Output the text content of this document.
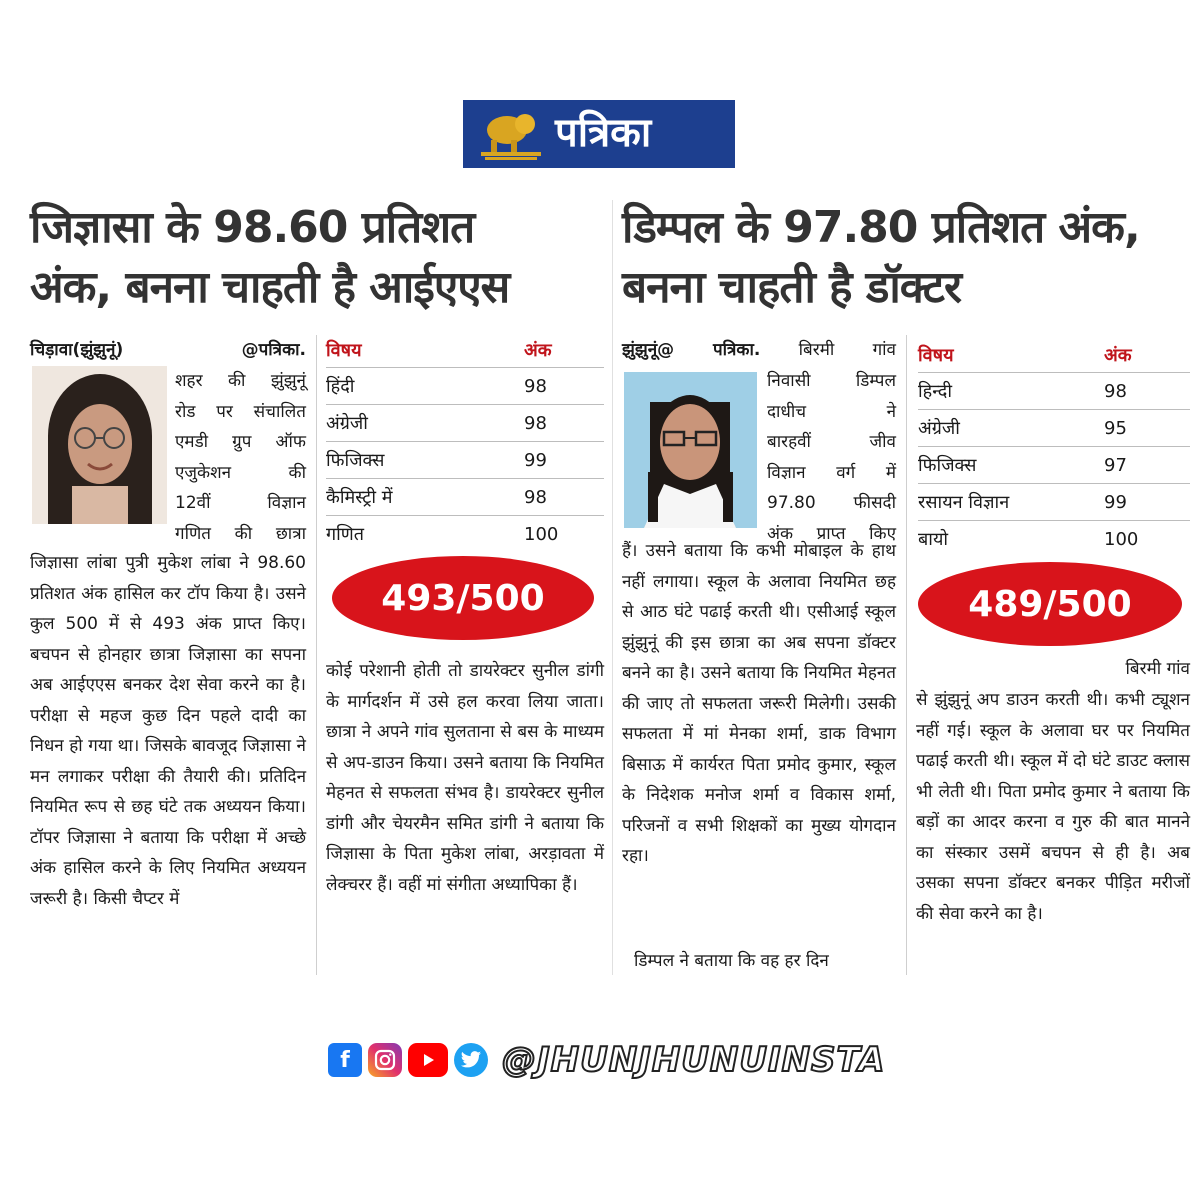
पत्रिका
जिज्ञासा के 98.60 प्रतिशत
अंक, बनना चाहती है आईएएस
डिम्पल के 97.80 प्रतिशत अंक,
बनना चाहती है डॉक्टर
चिड़ावा(झुंझुनूं)	@पत्रिका.
शहर की झुंझुनूं
रोड पर संचालित
एमडी ग्रुप ऑफ
एजुकेशन की
12वीं विज्ञान
गणित की छात्रा
जिज्ञासा लांबा पुत्री मुकेश लांबा ने 98.60 प्रतिशत अंक हासिल कर टॉप किया है। उसने कुल 500 में से 493 अंक प्राप्त किए। बचपन से होनहार छात्रा जिज्ञासा का सपना अब आईएएस बनकर देश सेवा करने का है। परीक्षा से महज कुछ दिन पहले दादी का निधन हो गया था। जिसके बावजूद जिज्ञासा ने मन लगाकर परीक्षा की तैयारी की। प्रतिदिन नियमित रूप से छह घंटे तक अध्ययन किया। टॉपर जिज्ञासा ने बताया कि परीक्षा में अच्छे अंक हासिल करने के लिए नियमित अध्ययन जरूरी है। किसी चैप्टर में
विषय	अंक
हिंदी	98
अंग्रेजी	98
फिजिक्स	99
कैमिस्ट्री में	98
गणित	100
493/500
कोई परेशानी होती तो डायरेक्टर सुनील डांगी के मार्गदर्शन में उसे हल करवा लिया जाता। छात्रा ने अपने गांव सुलताना से बस के माध्यम से अप-डाउन किया। उसने बताया कि नियमित मेहनत से सफलता संभव है। डायरेक्टर सुनील डांगी और चेयरमैन समित डांगी ने बताया कि जिज्ञासा के पिता मुकेश लांबा, अरड़ावता में लेक्चरर हैं। वहीं मां संगीता अध्यापिका हैं।
झुंझुनूं@ पत्रिका. बिरमी गांव
निवासी डिम्पल
दाधीच ने
बारहवीं जीव
विज्ञान वर्ग में
97.80 फीसदी
अंक प्राप्त किए
हैं। उसने बताया कि कभी मोबाइल के हाथ नहीं लगाया। स्कूल के अलावा नियमित छह से आठ घंटे पढाई करती थी। एसीआई स्कूल झुंझुनूं की इस छात्रा का अब सपना डॉक्टर बनने का है। उसने बताया कि नियमित मेहनत की जाए तो सफलता जरूरी मिलेगी। उसकी सफलता में मां मेनका शर्मा, डाक विभाग बिसाऊ में कार्यरत पिता प्रमोद कुमार, स्कूल के निदेशक मनोज शर्मा व विकास शर्मा, परिजनों व सभी शिक्षकों का मुख्य योगदान रहा।
डिम्पल ने बताया कि वह हर दिन
विषय	अंक
हिन्दी	98
अंग्रेजी	95
फिजिक्स	97
रसायन विज्ञान	99
बायो	100
489/500
बिरमी गांव
से झुंझुनूं अप डाउन करती थी। कभी ट्यूशन नहीं गई। स्कूल के अलावा घर पर नियमित पढाई करती थी। स्कूल में दो घंटे डाउट क्लास भी लेती थी। पिता प्रमोद कुमार ने बताया कि बड़ों का आदर करना व गुरु की बात मानने का संस्कार उसमें बचपन से ही है। अब उसका सपना डॉक्टर बनकर पीड़ित मरीजों की सेवा करने का है।
f	@JHUNJHUNUINSTA
